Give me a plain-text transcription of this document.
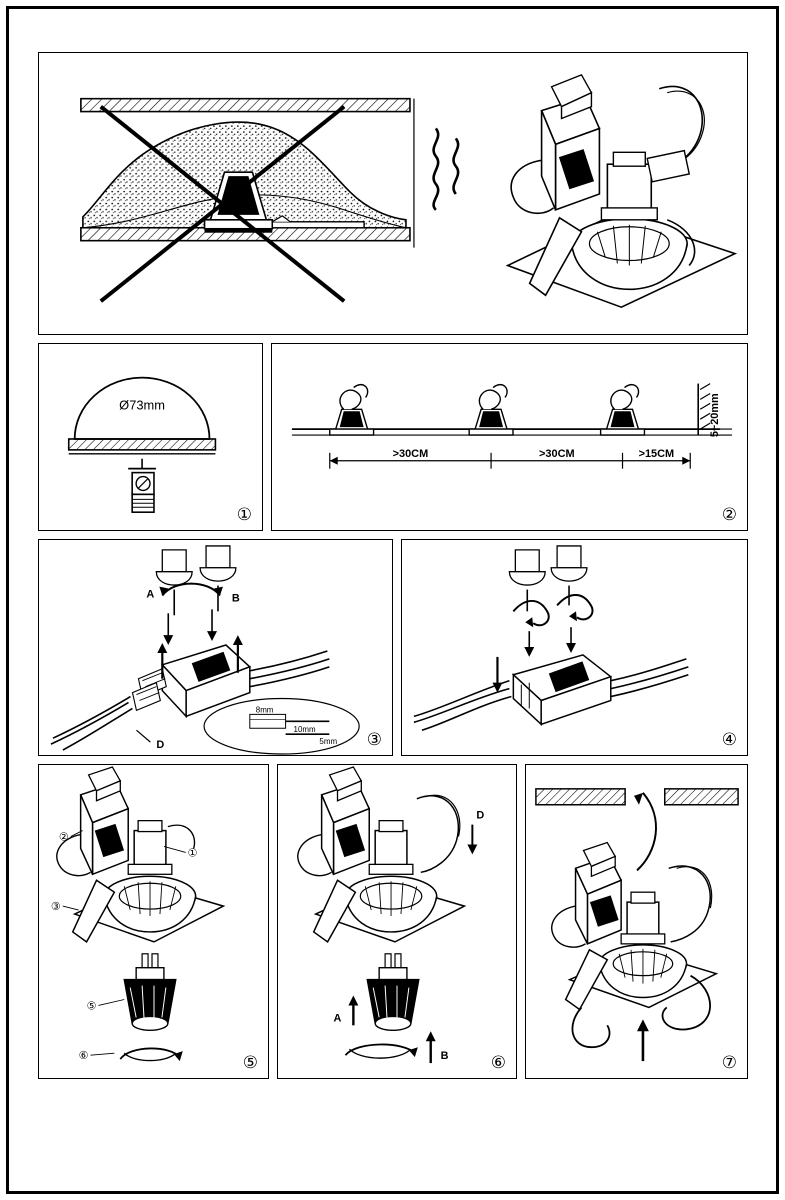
Ø73mm
①
>30CM	>30CM	>15CM
5~20mm
②
A	B
D
8mm
10mm
5mm ③	④
①
②
③
⑤
⑥	⑤
D
A
B ⑥	⑦
